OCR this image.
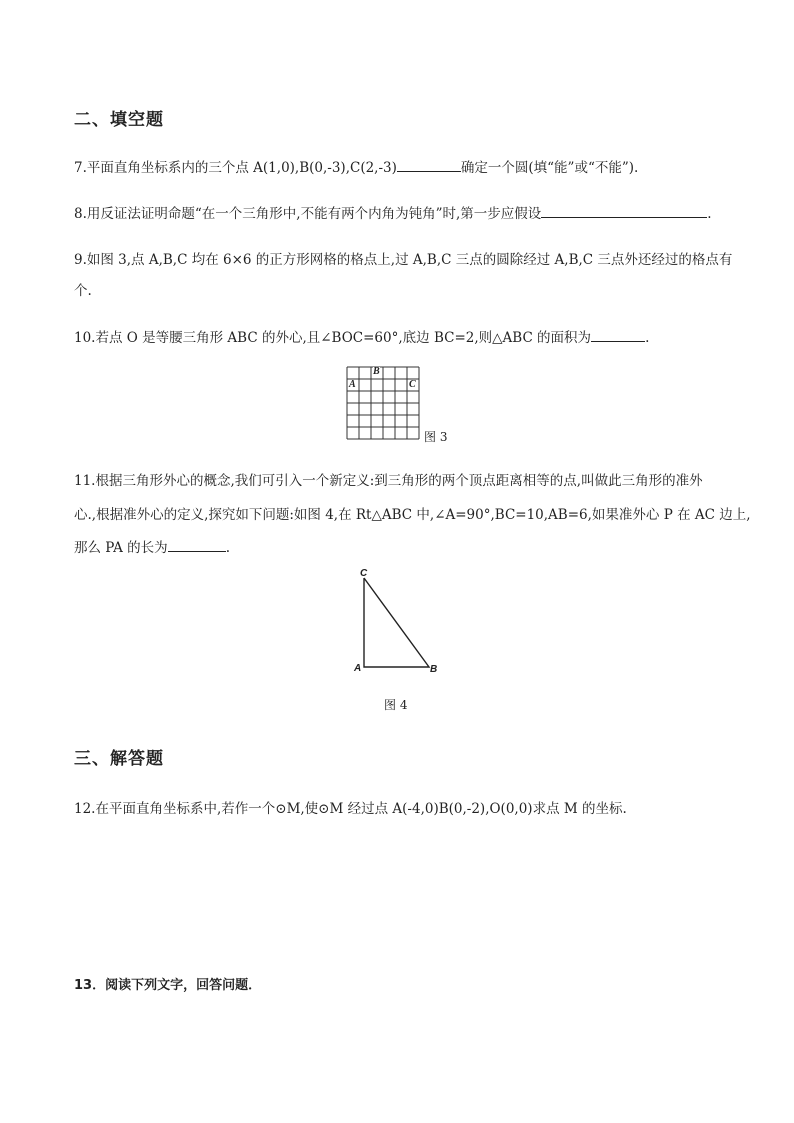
二、填空题
7.平面直角坐标系内的三个点 A(1,0),B(0,-3),C(2,-3)	确定一个圆(填“能”或“不能”).
8.用反证法证明命题“在一个三角形中,不能有两个内角为钝角”时,第一步应假设	.
9.如图 3,点 A,B,C 均在 6×6 的正方形网格的格点上,过 A,B,C 三点的圆除经过 A,B,C 三点外还经过的格点有
个.
10.若点 O 是等腰三角形 ABC 的外心,且∠BOC=60°,底边 BC=2,则△ABC 的面积为	.
A
B
C
图 3
11.根据三角形外心的概念,我们可引入一个新定义:到三角形的两个顶点距离相等的点,叫做此三角形的准外
心.,根据准外心的定义,探究如下问题:如图 4,在 Rt△ABC 中,∠A=90°,BC=10,AB=6,如果准外心 P 在 AC 边上,
那么 PA 的长为	.
C
A	B
图 4
三、解答题
12.在平面直角坐标系中,若作一个⊙M,使⊙M 经过点 A(-4,0)B(0,-2),O(0,0)求点 M 的坐标.
13．阅读下列文字，回答问题．
